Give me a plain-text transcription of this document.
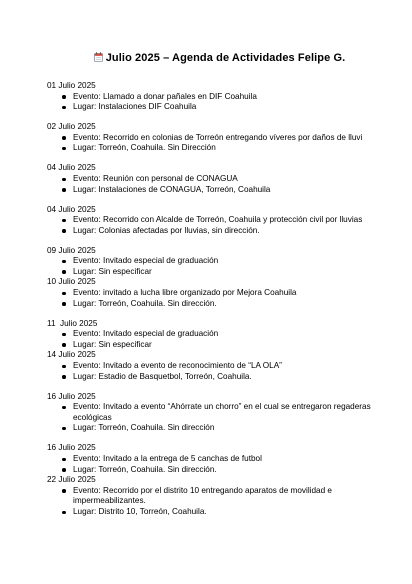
Julio 2025 – Agenda de Actividades Felipe G.

01 Julio 2025

Evento: Llamado a donar pañales en DIF Coahuila
Lugar: Instalaciones DIF Coahuila

02 Julio 2025

Evento: Recorrido en colonias de Torreón entregando víveres por daños de lluvi
Lugar: Torreón, Coahuila. Sin Dirección

04 Julio 2025

Evento: Reunión con personal de CONAGUA
Lugar: Instalaciones de CONAGUA, Torreón, Coahuila

04 Julio 2025

Evento: Recorrido con Alcalde de Torreón, Coahuila y protección civil por lluvias
Lugar: Colonias afectadas por lluvias, sin dirección.

09 Julio 2025

Evento: Invitado especial de graduación
Lugar: Sin especificar

10 Julio 2025

Evento: invitado a lucha libre organizado por Mejora Coahuila
Lugar: Torreón, Coahuila. Sin dirección.

11  Julio 2025

Evento: Invitado especial de graduación
Lugar: Sin especificar

14 Julio 2025

Evento: Invitado a evento de reconocimiento de “LA OLA”
Lugar: Estadio de Basquetbol, Torreón, Coahuila.

16 Julio 2025

Evento: Invitado a evento “Ahórrate un chorro” en el cual se entregaron regaderas ecológicas
Lugar: Torreón, Coahuila. Sin dirección

16 Julio 2025

Evento: Invitado a la entrega de 5 canchas de futbol
Lugar: Torreón, Coahuila. Sin dirección.

22 Julio 2025

Evento: Recorrido por el distrito 10 entregando aparatos de movilidad e impermeabilizantes.
Lugar: Distrito 10, Torreón, Coahuila.
